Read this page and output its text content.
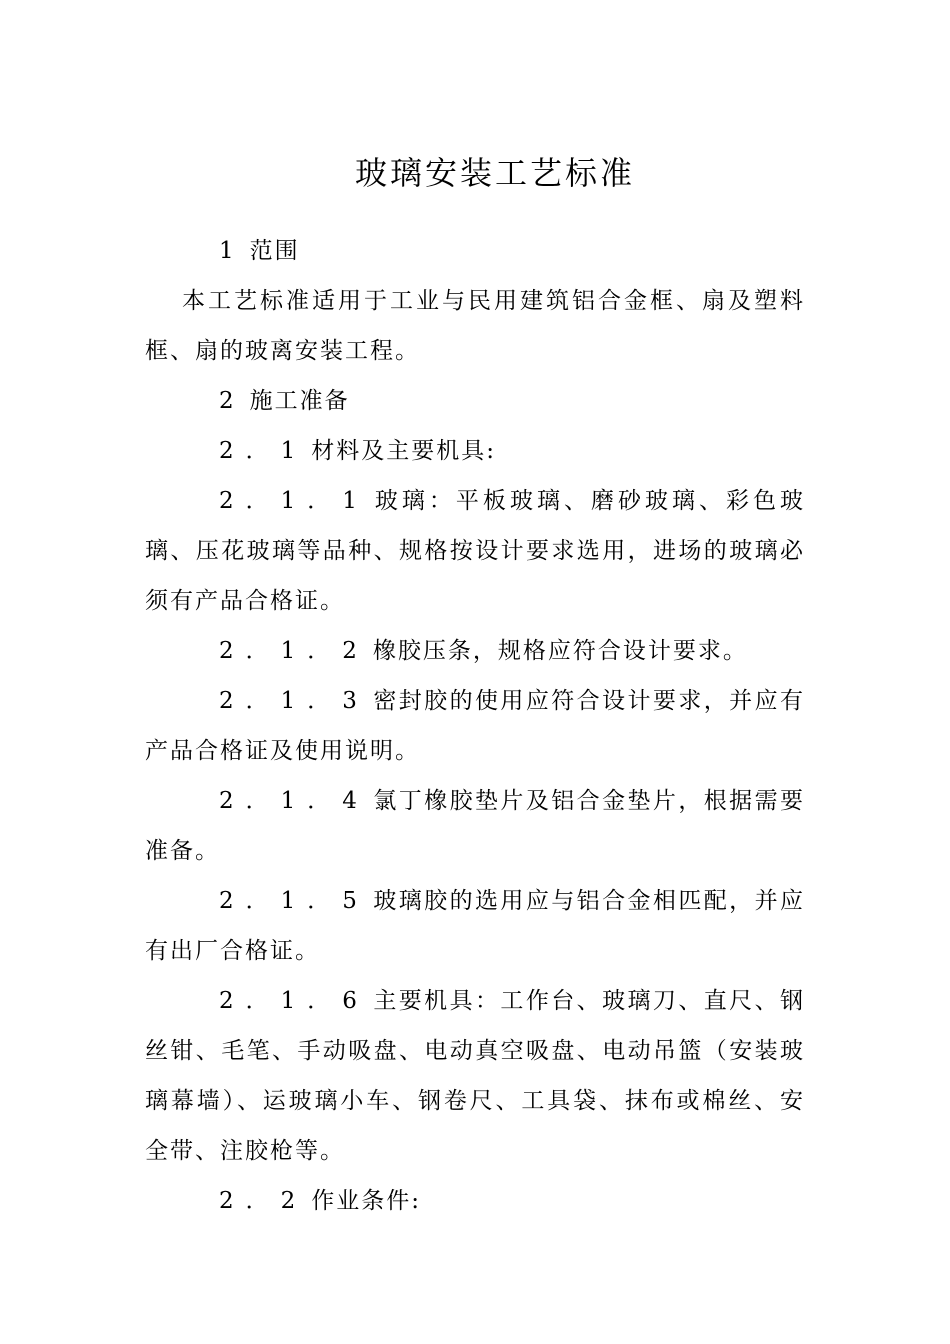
玻璃安装工艺标准

1 范围

本工艺标准适用于工业与民用建筑铝合金框、扇及塑料框、扇的玻离安装工程。

2 施工准备

2．1 材料及主要机具:

2．1．1 玻璃：平板玻璃、磨砂玻璃、彩色玻璃、压花玻璃等品种、规格按设计要求选用，进场的玻璃必须有产品合格证。

2．1．2 橡胶压条，规格应符合设计要求。

2．1．3 密封胶的使用应符合设计要求，并应有产品合格证及使用说明。

2．1．4 氯丁橡胶垫片及铝合金垫片，根据需要准备。

2．1．5 玻璃胶的选用应与铝合金相匹配，并应有出厂合格证。

2．1．6 主要机具：工作台、玻璃刀、直尺、钢丝钳、毛笔、手动吸盘、电动真空吸盘、电动吊篮（安装玻璃幕墙）、运玻璃小车、钢卷尺、工具袋、抹布或棉丝、安全带、注胶枪等。

2．2 作业条件:
